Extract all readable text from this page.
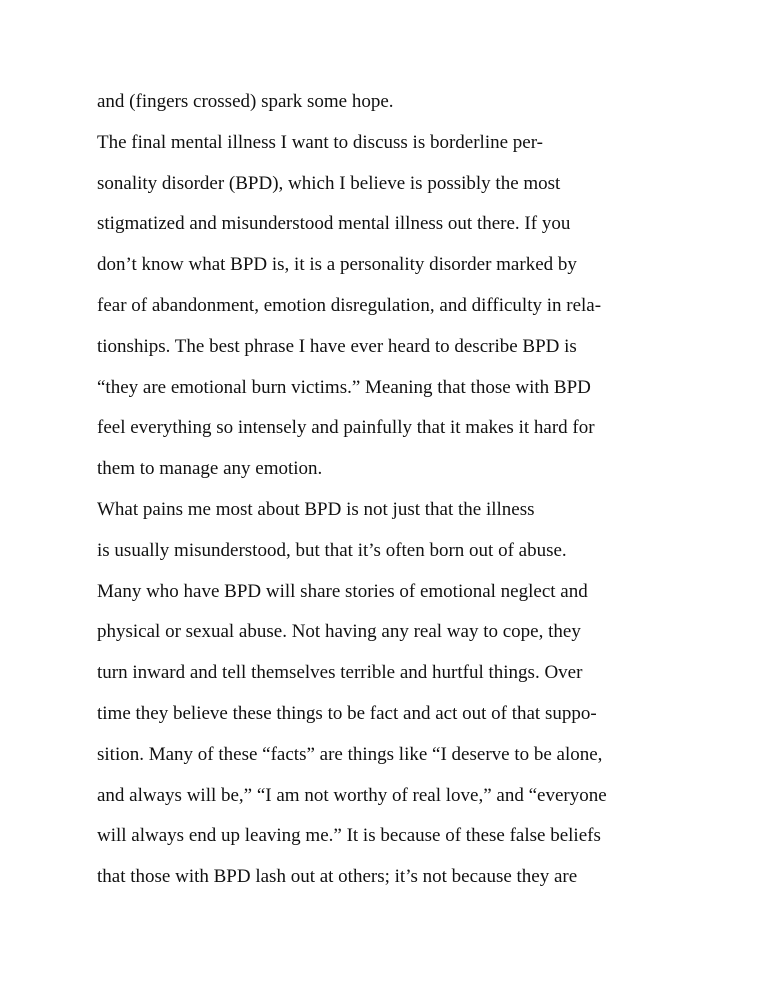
and (fingers crossed) spark some hope.
The final mental illness I want to discuss is borderline per-
sonality disorder (BPD), which I believe is possibly the most
stigmatized and misunderstood mental illness out there. If you
don’t know what BPD is, it is a personality disorder marked by
fear of abandonment, emotion disregulation, and difficulty in rela-
tionships. The best phrase I have ever heard to describe BPD is
“they are emotional burn victims.” Meaning that those with BPD
feel everything so intensely and painfully that it makes it hard for
them to manage any emotion.
What pains me most about BPD is not just that the illness
is usually misunderstood, but that it’s often born out of abuse.
Many who have BPD will share stories of emotional neglect and
physical or sexual abuse. Not having any real way to cope, they
turn inward and tell themselves terrible and hurtful things. Over
time they believe these things to be fact and act out of that suppo-
sition. Many of these “facts” are things like “I deserve to be alone,
and always will be,” “I am not worthy of real love,” and “everyone
will always end up leaving me.” It is because of these false beliefs
that those with BPD lash out at others; it’s not because they are
